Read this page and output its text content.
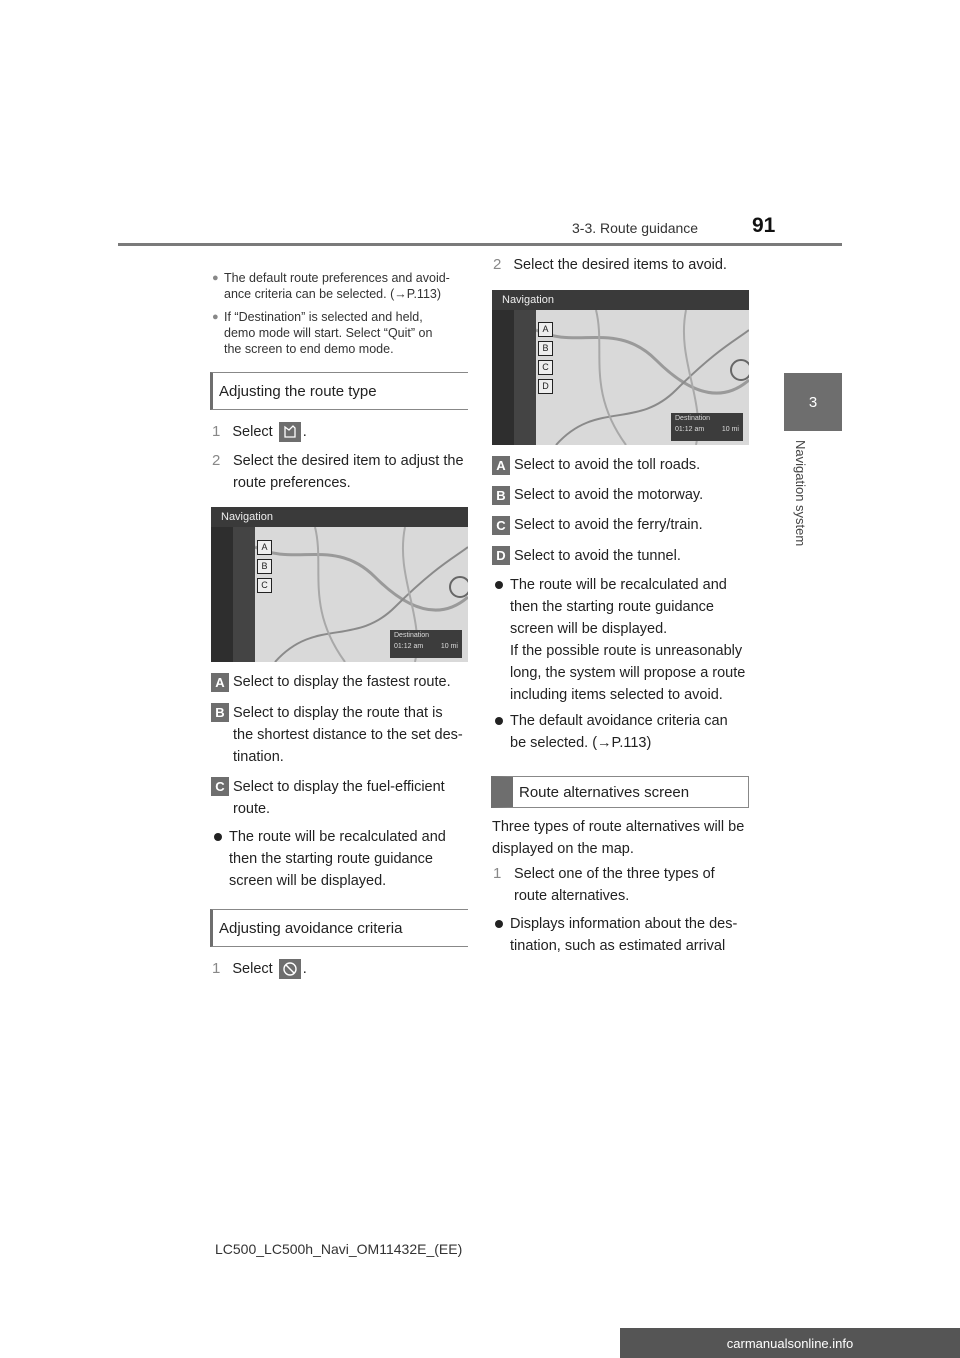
3-3. Route guidance	91
3
Navigation system
● The default route preferences and avoid-
ance criteria can be selected. (→P.113)
● If “Destination” is selected and held,
demo mode will start. Select “Quit” on
the screen to end demo mode.
Adjusting the route type
1 Select .
2 Select the desired item to adjust the
route preferences.
Navigation
A
B
C
Destination
01:12 am	10 mi
A Select to display the fastest route.
B Select to display the route that is
the shortest distance to the set des-
tination.
C Select to display the fuel-efficient
route.
The route will be recalculated and
then the starting route guidance
screen will be displayed.
Adjusting avoidance criteria
1 Select .
2 Select the desired items to avoid.
Navigation
A
B
C
D
Destination
01:12 am	10 mi
A Select to avoid the toll roads.
B Select to avoid the motorway.
C Select to avoid the ferry/train.
D Select to avoid the tunnel.
The route will be recalculated and
then the starting route guidance
screen will be displayed.
If the possible route is unreasonably
long, the system will propose a route
including items selected to avoid.
The default avoidance criteria can
be selected. (→P.113)
Route alternatives screen
Three types of route alternatives will be
displayed on the map.
1 Select one of the three types of
route alternatives.
Displays information about the des-
tination, such as estimated arrival
LC500_LC500h_Navi_OM11432E_(EE)
carmanualsonline.info
